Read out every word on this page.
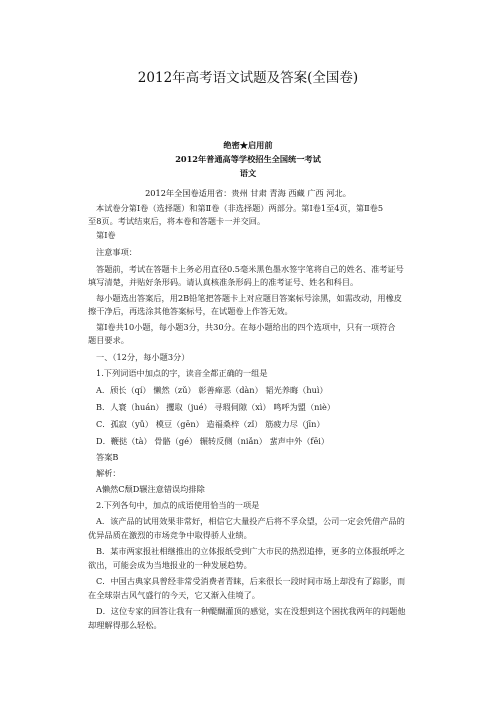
2012年高考语文试题及答案(全国卷)
绝密★启用前
2012年普通高等学校招生全国统一考试
语文
2012年全国卷适用省：贵州 甘肃 青海 西藏 广西 河北。
本试卷分第Ⅰ卷（选择题）和第Ⅱ卷（非选择题）两部分。第Ⅰ卷1至4页，第Ⅱ卷5
至8页。考试结束后，将本卷和答题卡一并交回。
第Ⅰ卷
注意事项：
答题前，考试在答题卡上务必用直径0.5毫米黑色墨水签字笔将自己的姓名、准考证号
填写清楚，并贴好条形码。请认真核准条形码上的准考证号、姓名和科目。
每小题选出答案后，用2B铅笔把答题卡上对应题目答案标号涂黑，如需改动，用橡皮
擦干净后，再选涂其他答案标号，在试题卷上作答无效。
第Ⅰ卷共10小题，每小题3分，共30分。在每小题给出的四个选项中，只有一项符合
题目要求。
一、（12分，每小题3分）
1.下列词语中加点的字，读音全都正确的一组是
A．颀长（qí） 懒然（zǔ） 彰善瘅恶（dàn） 韬光养晦（huì）
B．人寰（huán） 攫取（jué） 寻瑕伺隙（xì） 鸣呼为盟（niè）
C．孤寂（yǔ） 模豆（gēn） 造福桑梓（zǐ） 筋疲力尽（jīn）
D．鞭挞（tà） 骨骼（gé） 辗转反侧（niǎn） 蜚声中外（fēi）
答案B
解析：
A懒然C颓D辗注意错误均排除
2.下列各句中，加点的成语使用恰当的一项是
A．该产品的试用效果非常好，相信它大量投产后将不孚众望，公司一定会凭借产品的
优异品质在激烈的市场竞争中取得骄人业绩。
B．某市两家报社相继推出的立体报纸受到广大市民的热烈追捧，更多的立体报纸呼之
欲出，可能会成为当地报业的一种发展趋势。
C．中国古典家具曾经非常受消费者青睐，后来很长一段时间市场上却没有了踪影，而
在全球崇古风气盛行的今天，它又渐入佳境了。
D．这位专家的回答让我有一种醍醐灌顶的感觉，实在没想到这个困扰我两年的问题他
却理解得那么轻松。
